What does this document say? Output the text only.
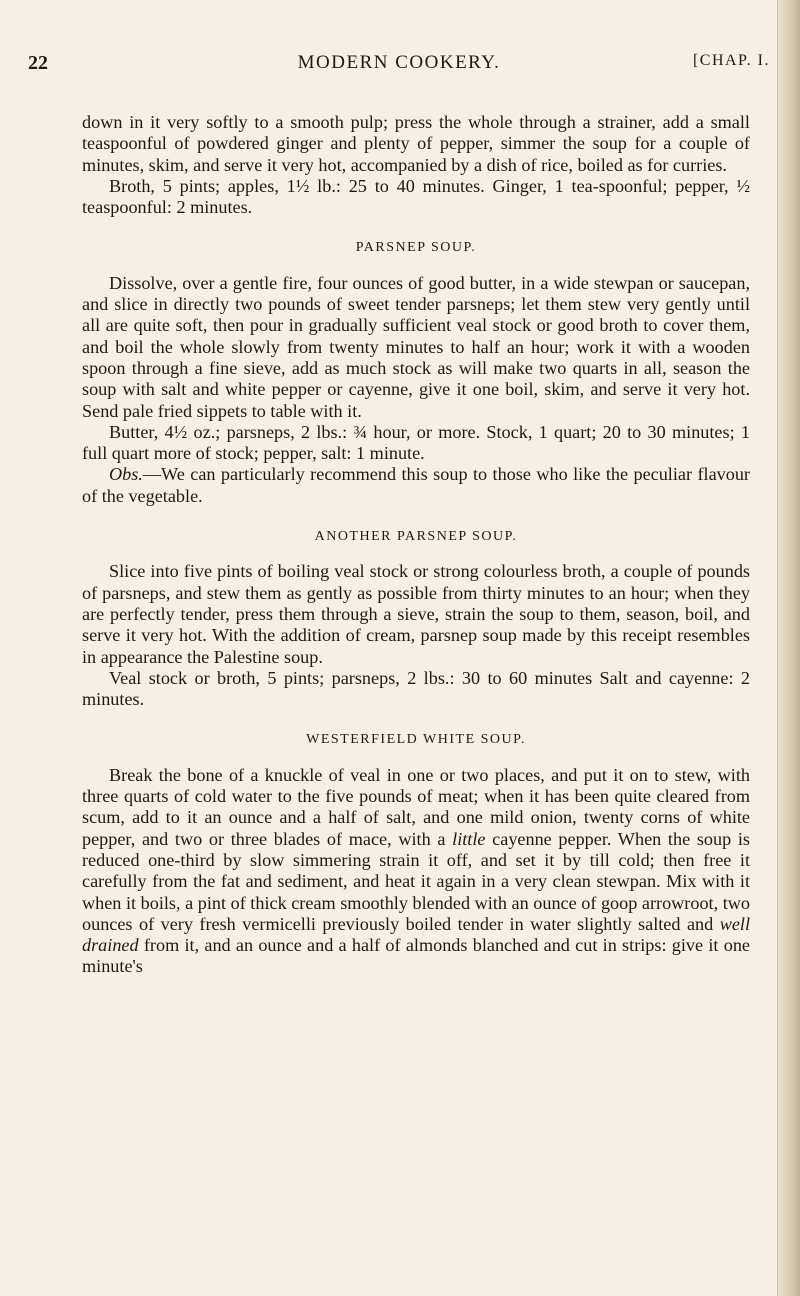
22	MODERN COOKERY.	[CHAP. I.

down in it very softly to a smooth pulp; press the whole through a strainer, add a small teaspoonful of powdered ginger and plenty of pepper, simmer the soup for a couple of minutes, skim, and serve it very hot, accompanied by a dish of rice, boiled as for curries.

Broth, 5 pints; apples, 1½ lb.: 25 to 40 minutes. Ginger, 1 tea-spoonful; pepper, ½ teaspoonful: 2 minutes.

PARSNEP SOUP.

Dissolve, over a gentle fire, four ounces of good butter, in a wide stewpan or saucepan, and slice in directly two pounds of sweet tender parsneps; let them stew very gently until all are quite soft, then pour in gradually sufficient veal stock or good broth to cover them, and boil the whole slowly from twenty minutes to half an hour; work it with a wooden spoon through a fine sieve, add as much stock as will make two quarts in all, season the soup with salt and white pepper or cayenne, give it one boil, skim, and serve it very hot. Send pale fried sippets to table with it.

Butter, 4½ oz.; parsneps, 2 lbs.: ¾ hour, or more. Stock, 1 quart; 20 to 30 minutes; 1 full quart more of stock; pepper, salt: 1 minute.

Obs.—We can particularly recommend this soup to those who like the peculiar flavour of the vegetable.

ANOTHER PARSNEP SOUP.

Slice into five pints of boiling veal stock or strong colourless broth, a couple of pounds of parsneps, and stew them as gently as possible from thirty minutes to an hour; when they are perfectly tender, press them through a sieve, strain the soup to them, season, boil, and serve it very hot. With the addition of cream, parsnep soup made by this receipt resembles in appearance the Palestine soup.

Veal stock or broth, 5 pints; parsneps, 2 lbs.: 30 to 60 minutes Salt and cayenne: 2 minutes.

WESTERFIELD WHITE SOUP.

Break the bone of a knuckle of veal in one or two places, and put it on to stew, with three quarts of cold water to the five pounds of meat; when it has been quite cleared from scum, add to it an ounce and a half of salt, and one mild onion, twenty corns of white pepper, and two or three blades of mace, with a little cayenne pepper. When the soup is reduced one-third by slow simmering strain it off, and set it by till cold; then free it carefully from the fat and sediment, and heat it again in a very clean stewpan. Mix with it when it boils, a pint of thick cream smoothly blended with an ounce of goop arrowroot, two ounces of very fresh vermicelli previously boiled tender in water slightly salted and well drained from it, and an ounce and a half of almonds blanched and cut in strips: give it one minute's
